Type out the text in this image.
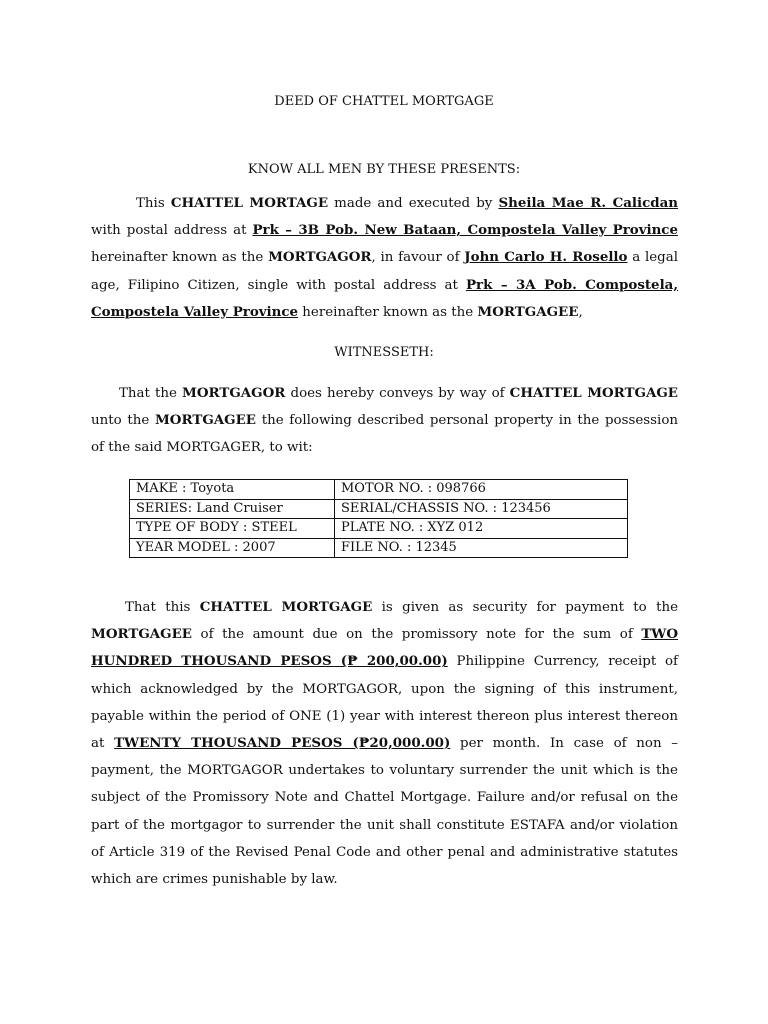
DEED OF CHATTEL MORTGAGE
KNOW ALL MEN BY THESE PRESENTS:
This CHATTEL MORTAGE made and executed by Sheila Mae R. Calicdan with postal address at Prk – 3B Pob. New Bataan, Compostela Valley Province hereinafter known as the MORTGAGOR, in favour of John Carlo H. Rosello a legal age, Filipino Citizen, single with postal address at Prk – 3A Pob. Compostela, Compostela Valley Province hereinafter known as the MORTGAGEE,
WITNESSETH:
That the MORTGAGOR does hereby conveys by way of CHATTEL MORTGAGE unto the MORTGAGEE the following described personal property in the possession of the said MORTGAGER, to wit:
MAKE : Toyota	MOTOR NO. : 098766
SERIES: Land Cruiser	SERIAL/CHASSIS NO. : 123456
TYPE OF BODY : STEEL	PLATE NO. : XYZ 012
YEAR MODEL : 2007	FILE NO. : 12345
That this CHATTEL MORTGAGE is given as security for payment to the MORTGAGEE of the amount due on the promissory note for the sum of TWO HUNDRED THOUSAND PESOS (₱ 200,00.00) Philippine Currency, receipt of which acknowledged by the MORTGAGOR, upon the signing of this instrument, payable within the period of ONE (1) year with interest thereon plus interest thereon at TWENTY THOUSAND PESOS (₱20,000.00) per month. In case of non – payment, the MORTGAGOR undertakes to voluntary surrender the unit which is the subject of the Promissory Note and Chattel Mortgage. Failure and/or refusal on the part of the mortgagor to surrender the unit shall constitute ESTAFA and/or violation of Article 319 of the Revised Penal Code and other penal and administrative statutes which are crimes punishable by law.
